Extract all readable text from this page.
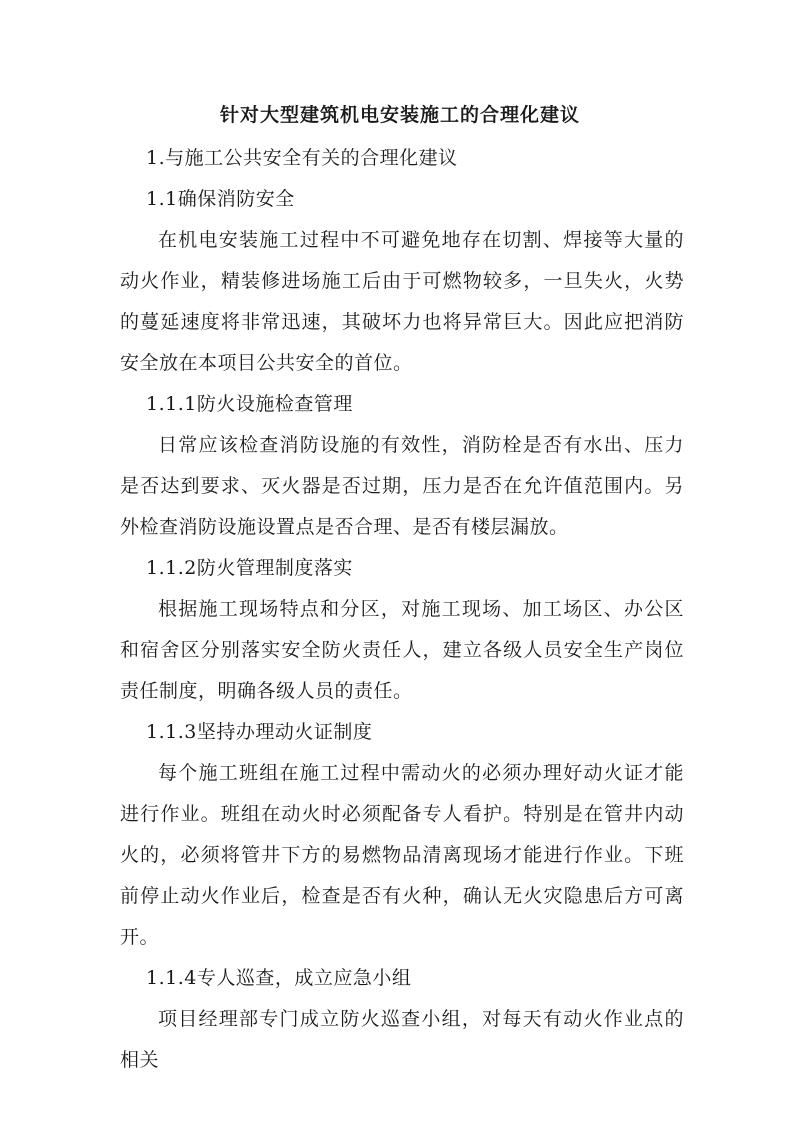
针对大型建筑机电安装施工的合理化建议

1.与施工公共安全有关的合理化建议

1.1确保消防安全

在机电安装施工过程中不可避免地存在切割、焊接等大量的动火作业，精装修进场施工后由于可燃物较多，一旦失火，火势的蔓延速度将非常迅速，其破坏力也将异常巨大。因此应把消防安全放在本项目公共安全的首位。

1.1.1防火设施检查管理

日常应该检查消防设施的有效性，消防栓是否有水出、压力是否达到要求、灭火器是否过期，压力是否在允许值范围内。另外检查消防设施设置点是否合理、是否有楼层漏放。

1.1.2防火管理制度落实

根据施工现场特点和分区，对施工现场、加工场区、办公区和宿舍区分别落实安全防火责任人，建立各级人员安全生产岗位责任制度，明确各级人员的责任。

1.1.3坚持办理动火证制度

每个施工班组在施工过程中需动火的必须办理好动火证才能进行作业。班组在动火时必须配备专人看护。特别是在管井内动火的，必须将管井下方的易燃物品清离现场才能进行作业。下班前停止动火作业后，检查是否有火种，确认无火灾隐患后方可离开。

1.1.4专人巡查，成立应急小组

项目经理部专门成立防火巡查小组，对每天有动火作业点的相关
